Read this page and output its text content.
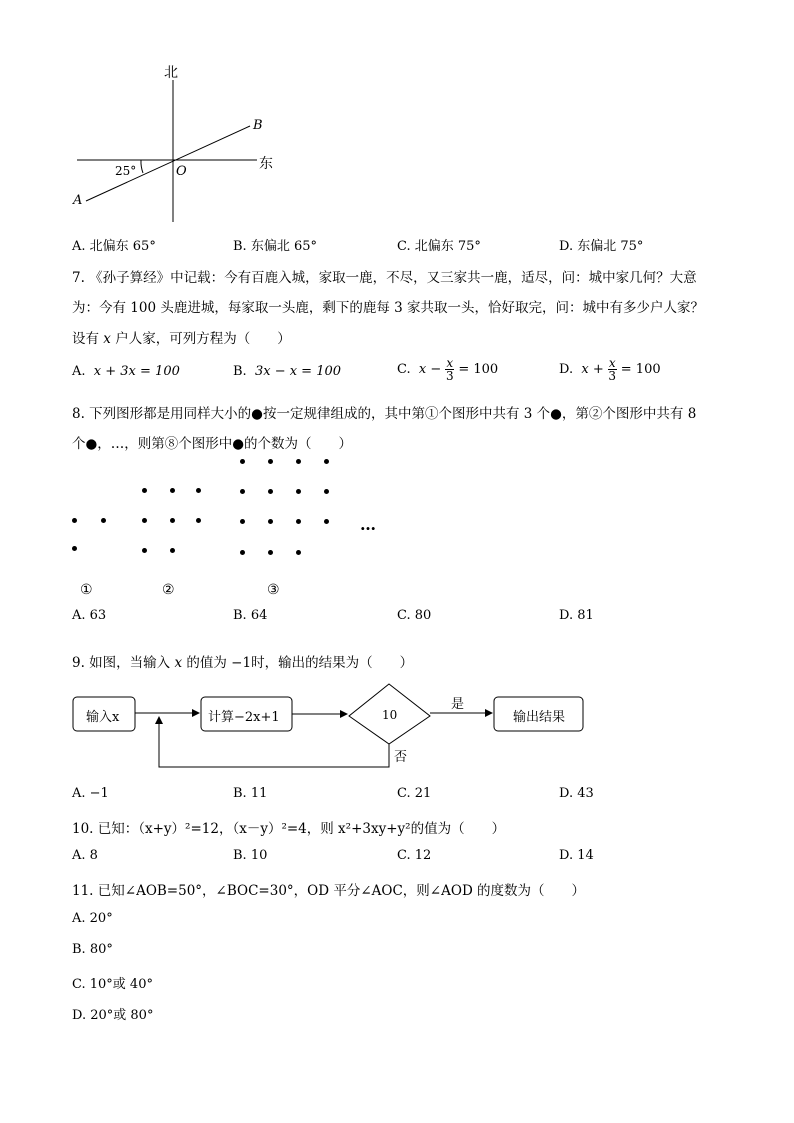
北
东
O
A
B
25°
A. 北偏东 65°	B. 东偏北 65°	C. 北偏东 75°	D. 东偏北 75°
7. 《孙子算经》中记载：今有百鹿入城，家取一鹿，不尽，又三家共一鹿，适尽，问：城中家几何？大意
为：今有 100 头鹿进城，每家取一头鹿，剩下的鹿每 3 家共取一头，恰好取完，问：城中有多少户人家？
设有 x 户人家，可列方程为（　　）
A. x + 3x = 100	B. 3x − x = 100	C. $x - \frac{x}{3} = 100$	D. $x + \frac{x}{3} = 100$
8. 下列图形都是用同样大小的●按一定规律组成的，其中第①个图形中共有 3 个●，第②个图形中共有 8
个●，…，则第⑧个图形中●的个数为（　　）
…
①	②	③
A. 63	B. 64	C. 80	D. 81
9. 如图，当输入 x 的值为 −1时，输出的结果为（　　）
输入x	计算−2x+1	10
是
否
输出结果
A. −1	B. 11	C. 21	D. 43
10. 已知：（x+y）²=12，（x－y）²=4，则 x²+3xy+y²的值为（　　）
A. 8	B. 10	C. 12	D. 14
11. 已知∠AOB=50°，∠BOC=30°，OD 平分∠AOC，则∠AOD 的度数为（　　）
A. 20°
B. 80°
C. 10°或 40°
D. 20°或 80°
